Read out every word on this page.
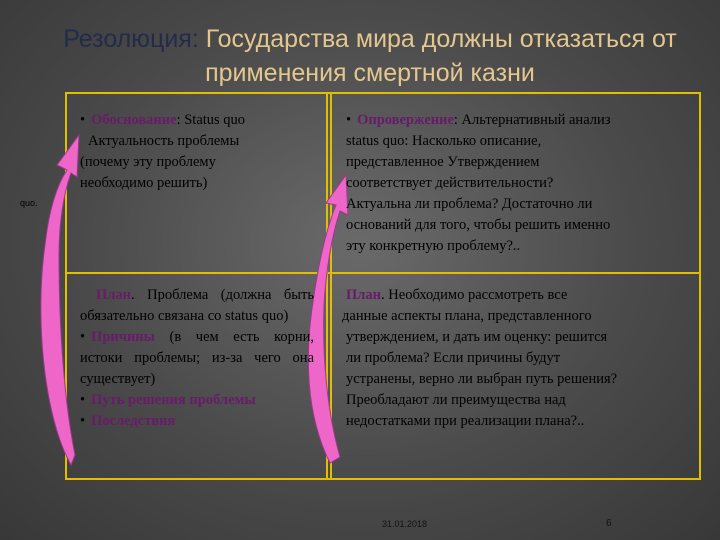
Резолюция: Государства мира должны отказаться от применения смертной казни
quo.
• Обоснование: Status quo
Актуальность проблемы
(почему эту проблему
необходимо решить)
• Опровержение: Альтернативный анализ
status quo: Насколько описание,
представленное Утверждением
соответствует действительности?
Актуальна ли проблема? Достаточно ли
оснований для того, чтобы решить именно
эту конкретную проблему?..
План. Проблема (должна быть обязательно связана со status quo)
• Причины (в чем есть корни, истоки проблемы; из-за чего она существует)
• Путь решения проблемы
• Последствия
План. Необходимо рассмотреть все
данные аспекты плана, представленного
утверждением, и дать им оценку: решится
ли проблема? Если причины будут
устранены, верно ли выбран путь решения?
Преобладают ли преимущества над
недостатками при реализации плана?..
31.01.2018	6
